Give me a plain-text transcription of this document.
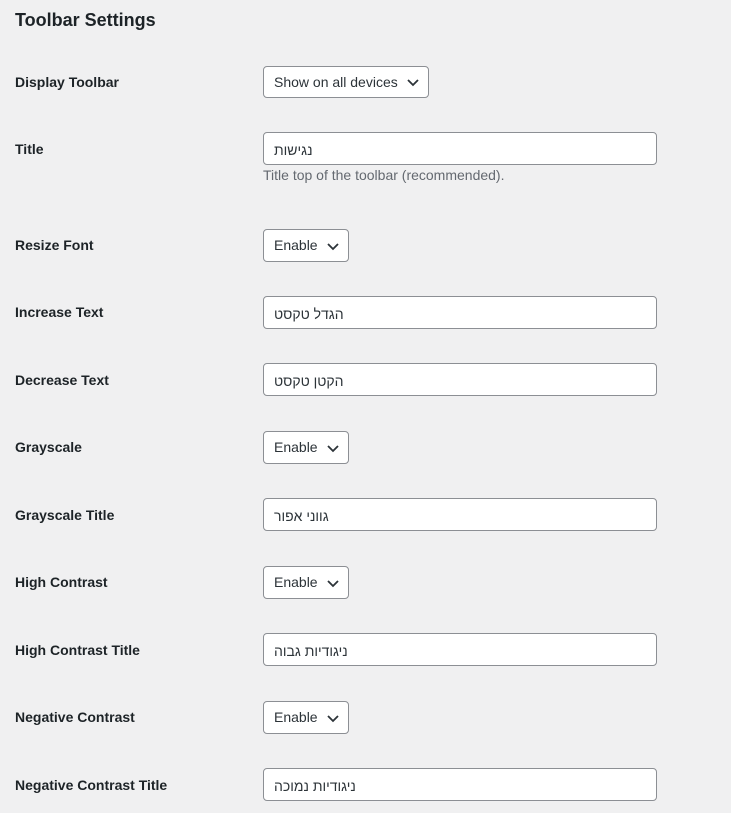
Toolbar Settings
Display Toolbar	Show on all devices
Title	נגישות

Title top of the toolbar (recommended).

Resize Font	Enable
Increase Text	הגדל טקסט
Decrease Text	הקטן טקסט
Grayscale	Enable
Grayscale Title	גווני אפור
High Contrast	Enable
High Contrast Title	ניגודיות גבוה
Negative Contrast	Enable
Negative Contrast Title	ניגודיות נמוכה
